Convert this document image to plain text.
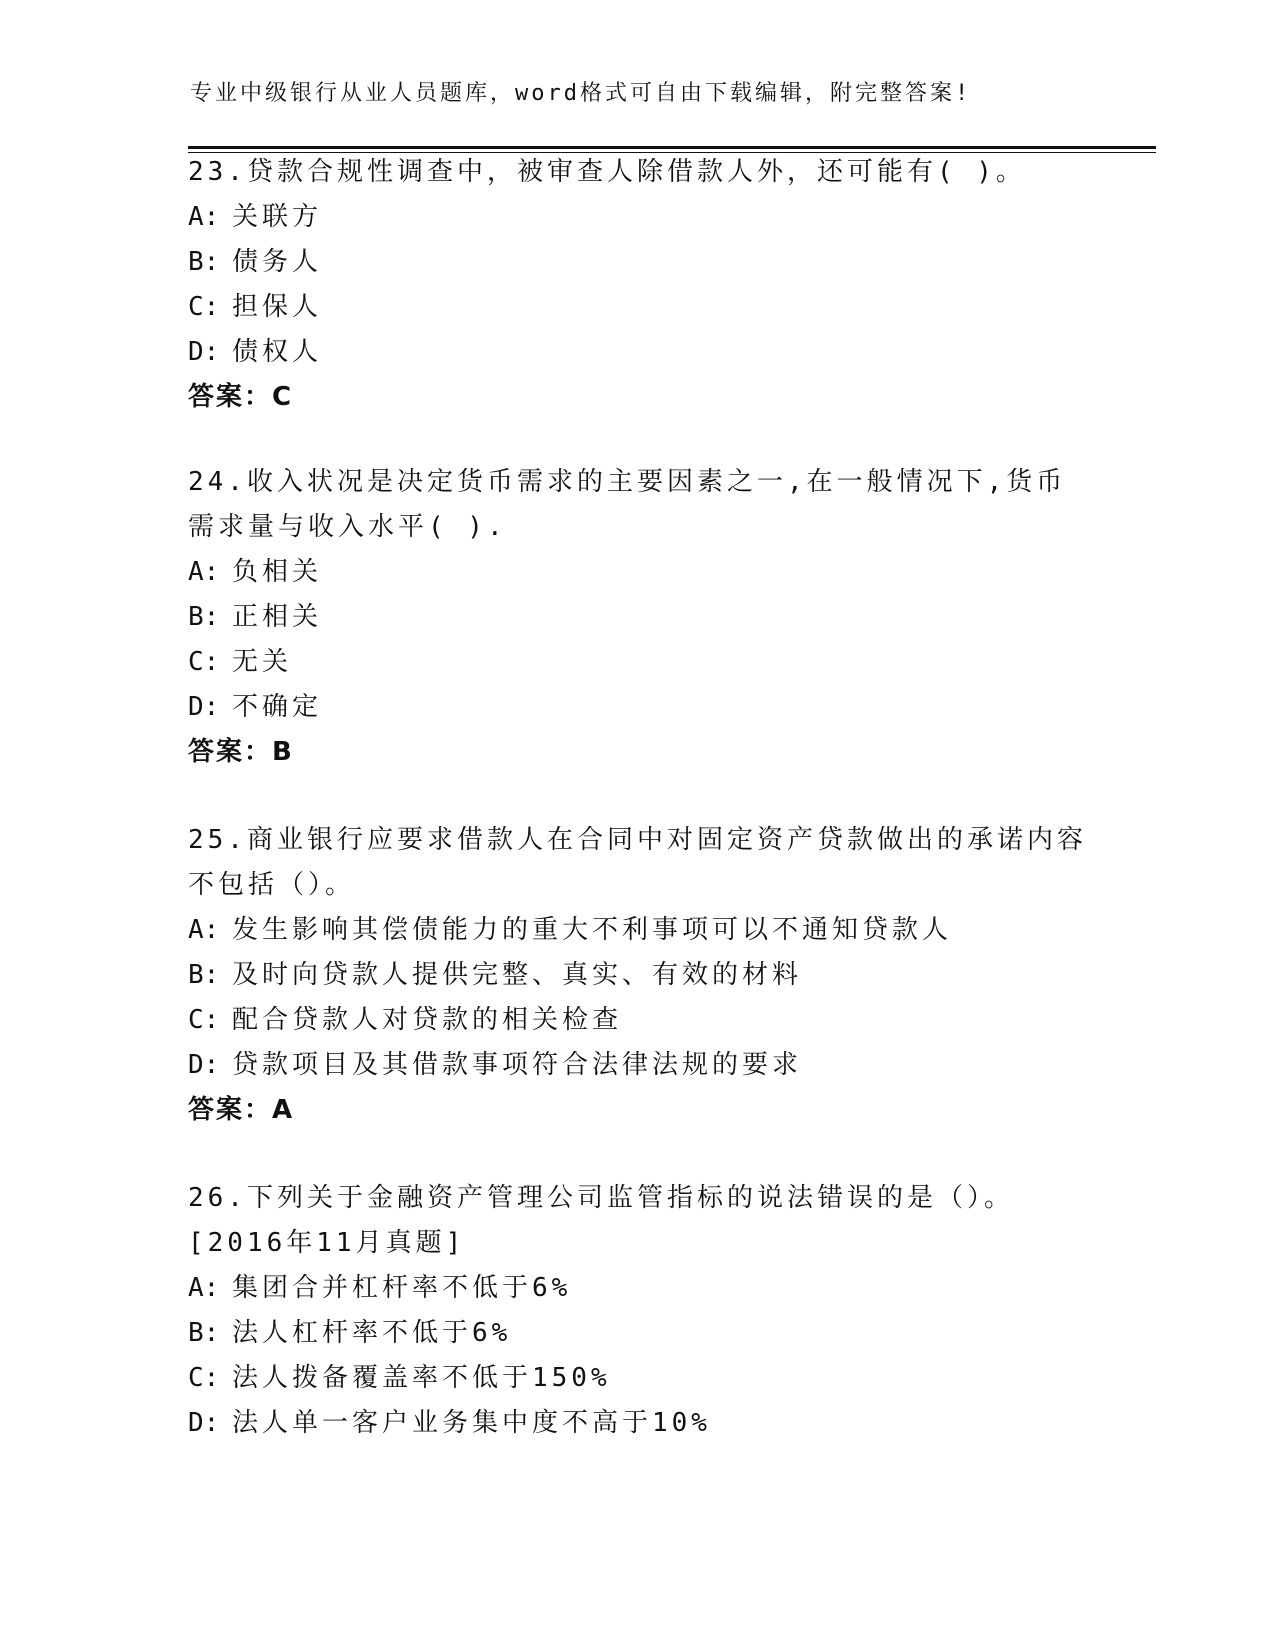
专业中级银行从业人员题库，word格式可自由下载编辑，附完整答案!

23.贷款合规性调查中，被审查人除借款人外，还可能有( )。

A: 关联方

B: 债务人

C: 担保人

D: 债权人

答案：C

24.收入状况是决定货币需求的主要因素之一,在一般情况下,货币需求量与收入水平( ).

A: 负相关

B: 正相关

C: 无关

D: 不确定

答案：B

25.商业银行应要求借款人在合同中对固定资产贷款做出的承诺内容不包括（）。

A: 发生影响其偿债能力的重大不利事项可以不通知贷款人

B: 及时向贷款人提供完整、真实、有效的材料

C: 配合贷款人对贷款的相关检查

D: 贷款项目及其借款事项符合法律法规的要求

答案：A

26.下列关于金融资产管理公司监管指标的说法错误的是（）。[2016年11月真题]

A: 集团合并杠杆率不低于6%

B: 法人杠杆率不低于6%

C: 法人拨备覆盖率不低于150%

D: 法人单一客户业务集中度不高于10%
